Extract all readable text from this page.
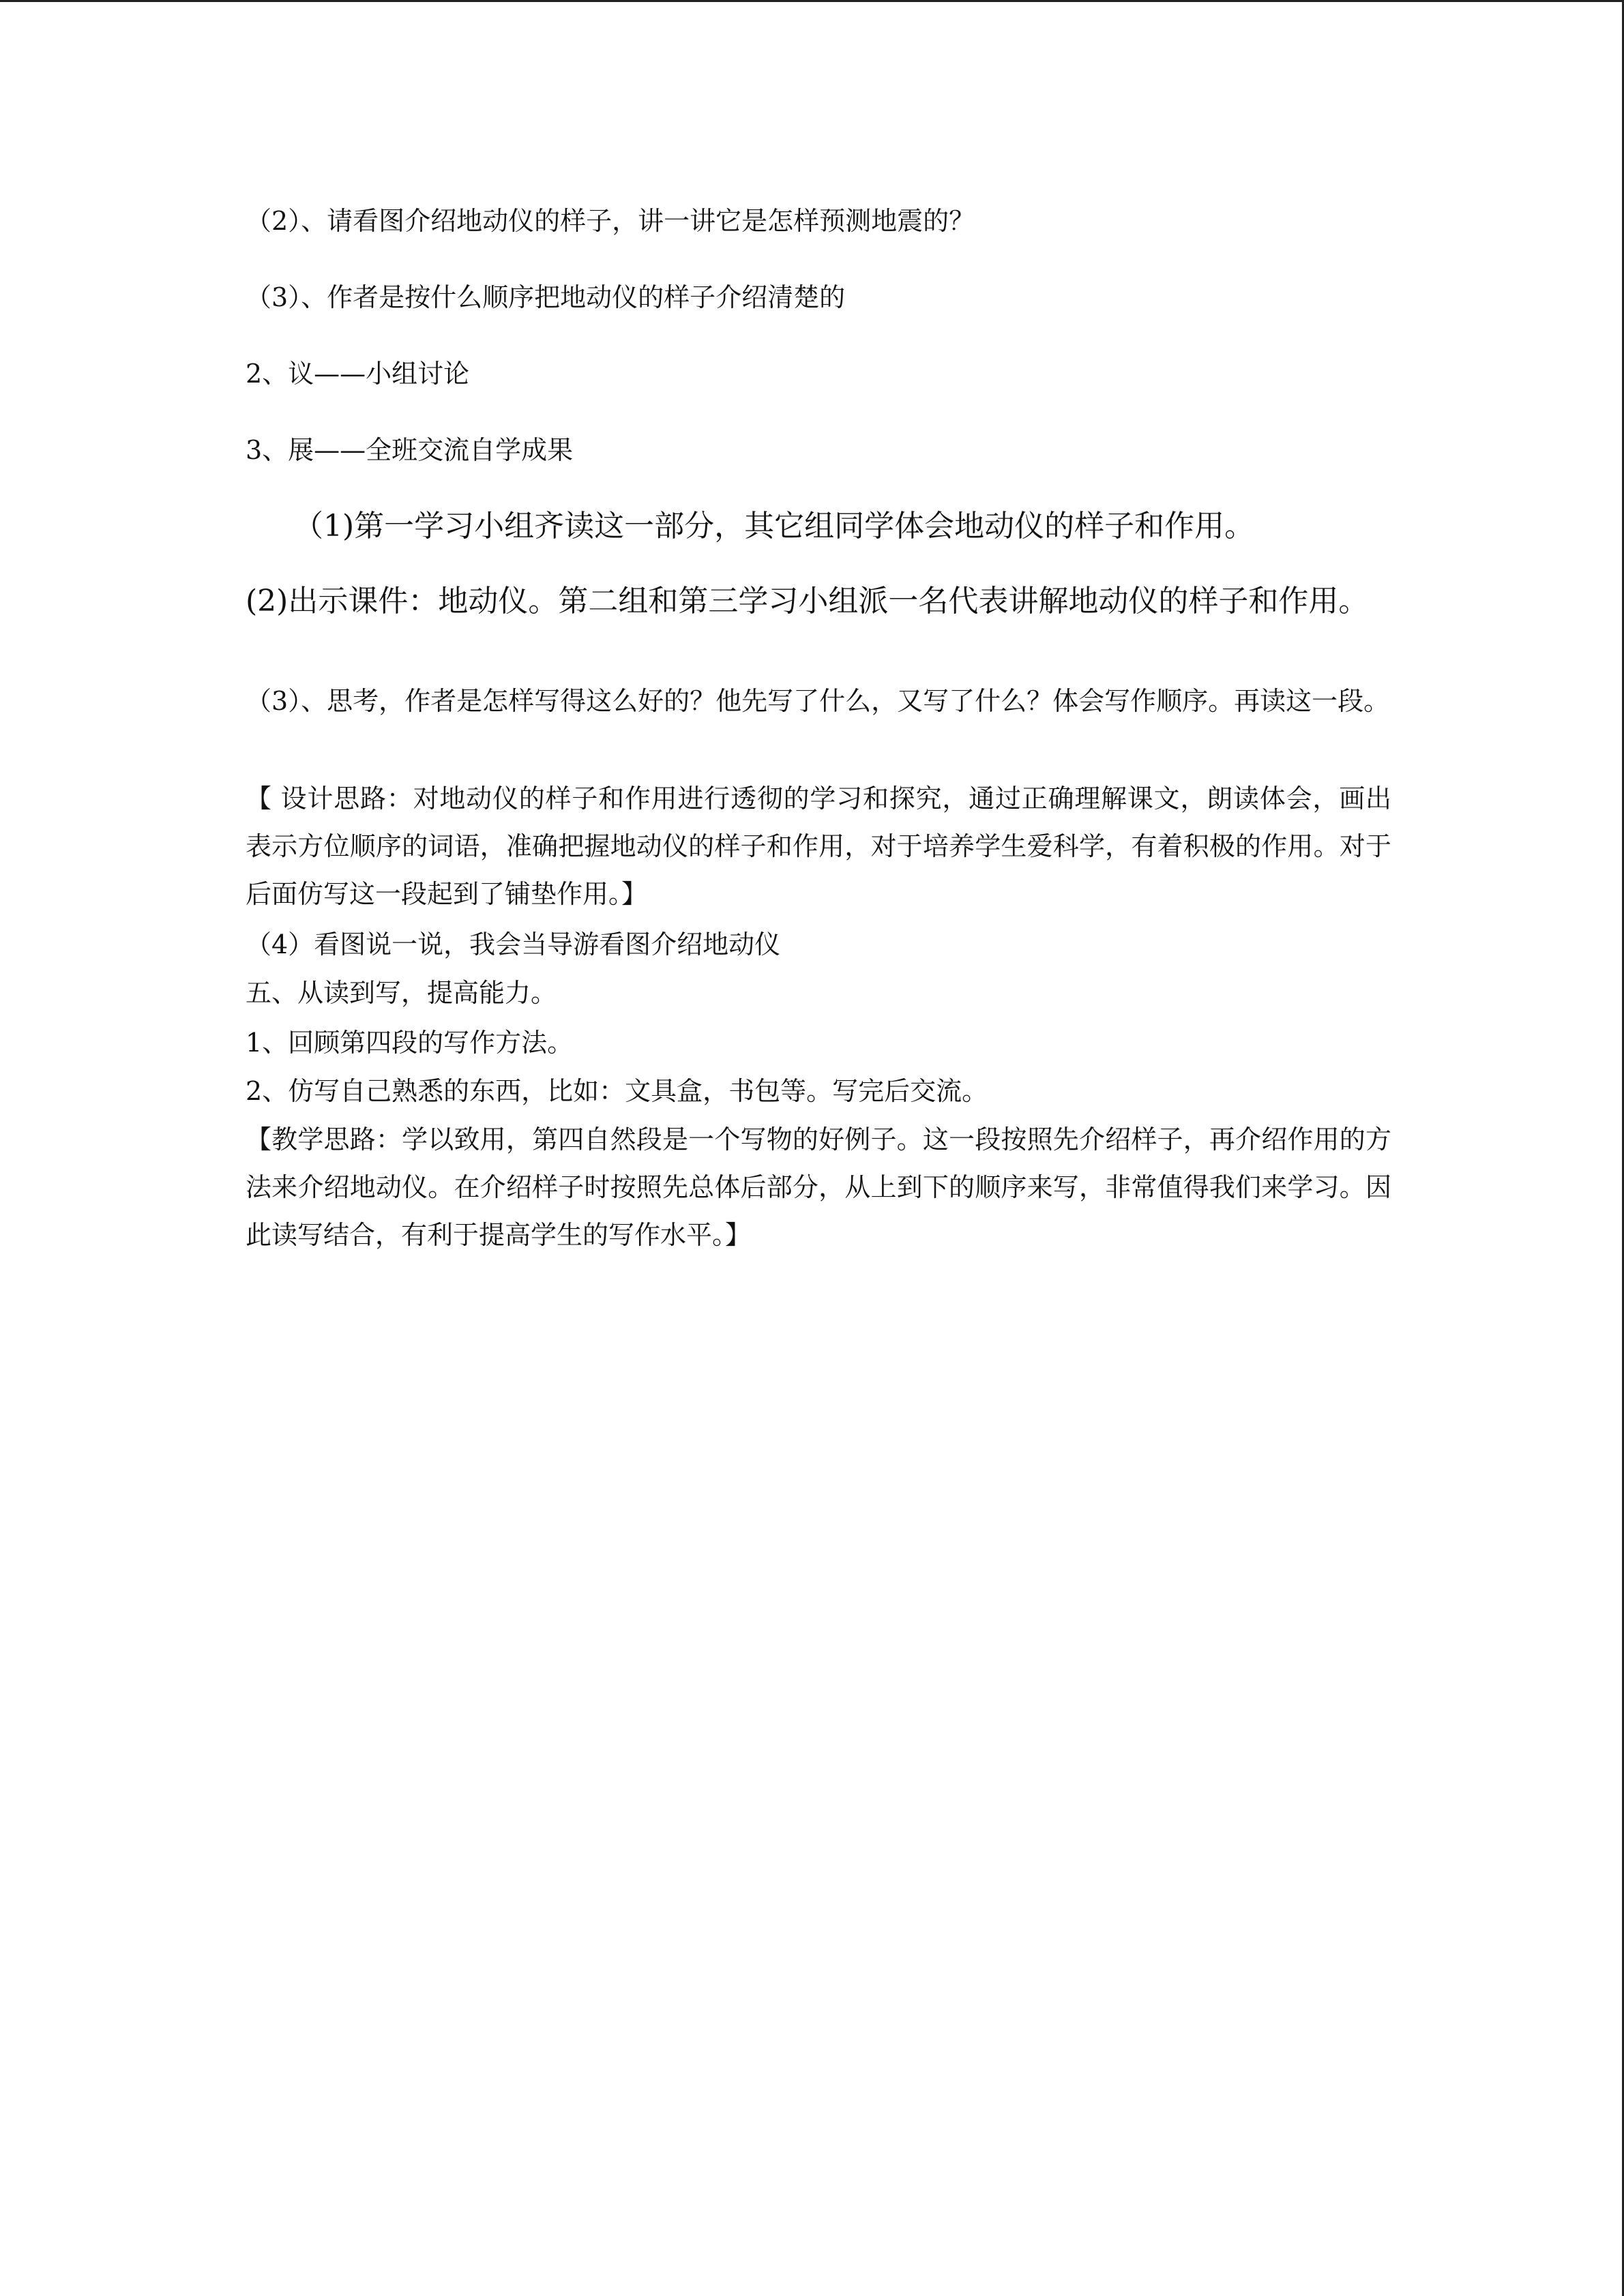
（2）、请看图介绍地动仪的样子，讲一讲它是怎样预测地震的？
（3）、作者是按什么顺序把地动仪的样子介绍清楚的
2、议——小组讨论
3、展——全班交流自学成果
（1)第一学习小组齐读这一部分，其它组同学体会地动仪的样子和作用。
(2)出示课件：地动仪。第二组和第三学习小组派一名代表讲解地动仪的样子和作用。
（3）、思考，作者是怎样写得这么好的？他先写了什么，又写了什么？体会写作顺序。再读这一段。
【 设计思路：对地动仪的样子和作用进行透彻的学习和探究，通过正确理解课文，朗读体会，画出表示方位顺序的词语，准确把握地动仪的样子和作用，对于培养学生爱科学，有着积极的作用。对于后面仿写这一段起到了铺垫作用。】
（4）看图说一说，我会当导游看图介绍地动仪
五、从读到写，提高能力。
1、回顾第四段的写作方法。
2、仿写自己熟悉的东西，比如：文具盒，书包等。写完后交流。
【教学思路：学以致用，第四自然段是一个写物的好例子。这一段按照先介绍样子，再介绍作用的方法来介绍地动仪。在介绍样子时按照先总体后部分，从上到下的顺序来写，非常值得我们来学习。因此读写结合，有利于提高学生的写作水平。】
